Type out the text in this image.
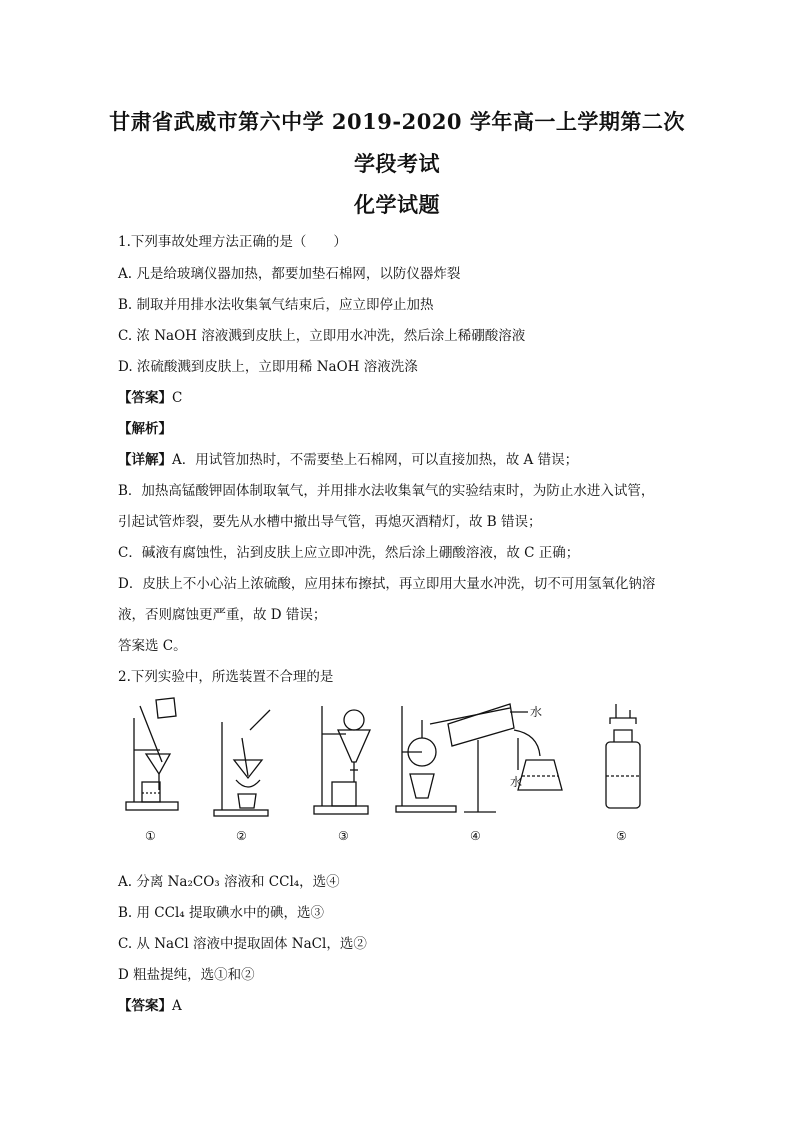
甘肃省武威市第六中学 2019-2020 学年高一上学期第二次
学段考试
化学试题
1.下列事故处理方法正确的是（　　）
A. 凡是给玻璃仪器加热，都要加垫石棉网，以防仪器炸裂
B. 制取并用排水法收集氧气结束后，应立即停止加热
C. 浓 NaOH 溶液溅到皮肤上，立即用水冲洗，然后涂上稀硼酸溶液
D. 浓硫酸溅到皮肤上，立即用稀 NaOH 溶液洗涤
【答案】C
【解析】
【详解】A．用试管加热时，不需要垫上石棉网，可以直接加热，故 A 错误；
B．加热高锰酸钾固体制取氧气，并用排水法收集氧气的实验结束时，为防止水进入试管，
引起试管炸裂，要先从水槽中撤出导气管，再熄灭酒精灯，故 B 错误；
C．碱液有腐蚀性，沾到皮肤上应立即冲洗，然后涂上硼酸溶液，故 C 正确；
D．皮肤上不小心沾上浓硫酸，应用抹布擦拭，再立即用大量水冲洗，切不可用氢氧化钠溶
液，否则腐蚀更严重，故 D 错误；
答案选 C。
2.下列实验中，所选装置不合理的是
①	②	③
水
水
④	⑤
A. 分离 Na₂CO₃ 溶液和 CCl₄，选④
B. 用 CCl₄ 提取碘水中的碘，选③
C. 从 NaCl 溶液中提取固体 NaCl，选②
D 粗盐提纯，选①和②
【答案】A
